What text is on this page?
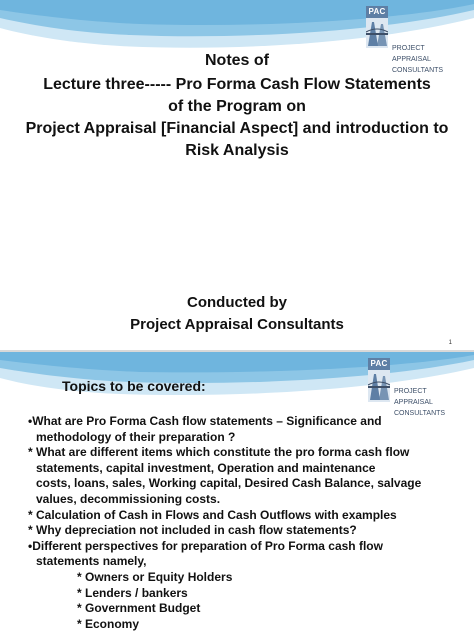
PAC
PROJECT
APPRAISAL CONSULTANTS
Notes of
Lecture three----- Pro Forma Cash Flow Statements
of the Program on
Project Appraisal [Financial Aspect] and introduction to
Risk Analysis
Conducted by
Project Appraisal Consultants
1
PAC
PROJECT
APPRAISAL CONSULTANTS
Topics to be covered:
•What are Pro Forma Cash flow statements – Significance and
methodology of their preparation ?
* What are different items which constitute the pro forma cash flow
statements, capital investment, Operation and maintenance
costs, loans, sales, Working capital, Desired Cash Balance, salvage
values, decommissioning costs.
* Calculation of Cash in Flows and Cash Outflows with examples
* Why depreciation not included in cash flow statements?
•Different perspectives for preparation of Pro Forma cash flow
statements namely,
* Owners or Equity Holders
* Lenders / bankers
* Government Budget
* Economy
